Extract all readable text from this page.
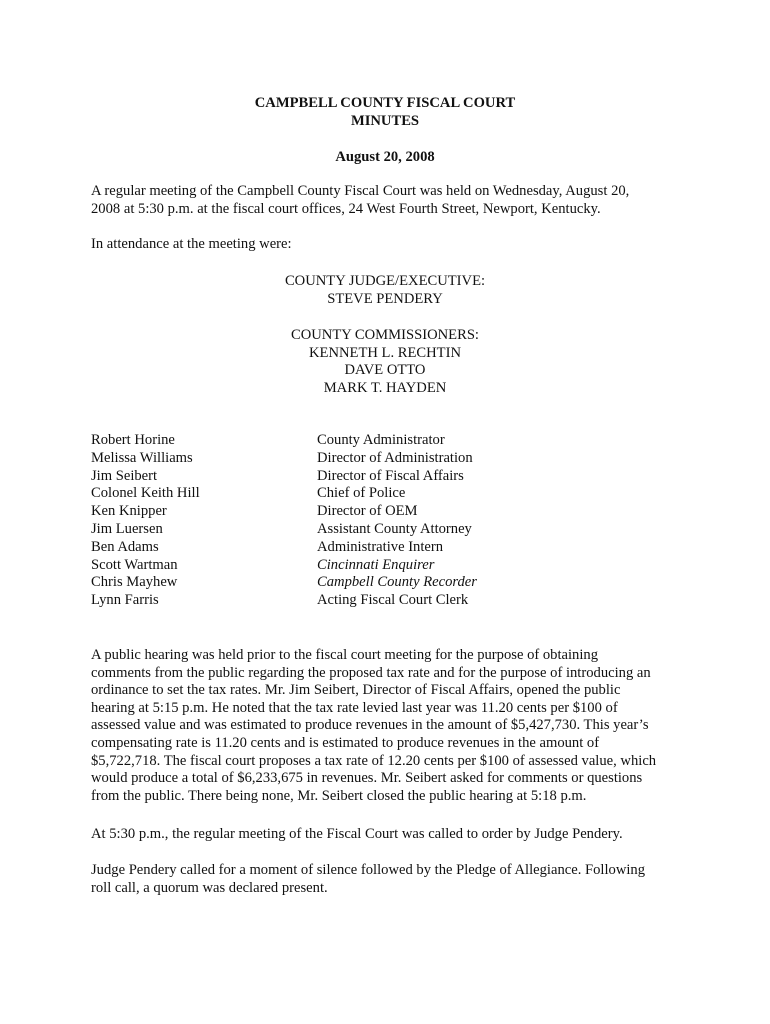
CAMPBELL COUNTY FISCAL COURT
MINUTES
August 20, 2008
A regular meeting of the Campbell County Fiscal Court was held on Wednesday, August 20,
2008 at 5:30 p.m. at the fiscal court offices, 24 West Fourth Street, Newport, Kentucky.
In attendance at the meeting were:
COUNTY JUDGE/EXECUTIVE:
STEVE PENDERY
COUNTY COMMISSIONERS:
KENNETH L. RECHTIN
DAVE OTTO
MARK T. HAYDEN
Robert Horine	County Administrator
Melissa Williams	Director of Administration
Jim Seibert	Director of Fiscal Affairs
Colonel Keith Hill	Chief of Police
Ken Knipper	Director of OEM
Jim Luersen	Assistant County Attorney
Ben Adams	Administrative Intern
Scott Wartman	Cincinnati Enquirer
Chris Mayhew	Campbell County Recorder
Lynn Farris	Acting Fiscal Court Clerk
A public hearing was held prior to the fiscal court meeting for the purpose of obtaining
comments from the public regarding the proposed tax rate and for the purpose of introducing an
ordinance to set the tax rates. Mr. Jim Seibert, Director of Fiscal Affairs, opened the public
hearing at 5:15 p.m. He noted that the tax rate levied last year was 11.20 cents per $100 of
assessed value and was estimated to produce revenues in the amount of $5,427,730. This year’s
compensating rate is 11.20 cents and is estimated to produce revenues in the amount of
$5,722,718. The fiscal court proposes a tax rate of 12.20 cents per $100 of assessed value, which
would produce a total of $6,233,675 in revenues. Mr. Seibert asked for comments or questions
from the public. There being none, Mr. Seibert closed the public hearing at 5:18 p.m.
At 5:30 p.m., the regular meeting of the Fiscal Court was called to order by Judge Pendery.
Judge Pendery called for a moment of silence followed by the Pledge of Allegiance. Following
roll call, a quorum was declared present.
